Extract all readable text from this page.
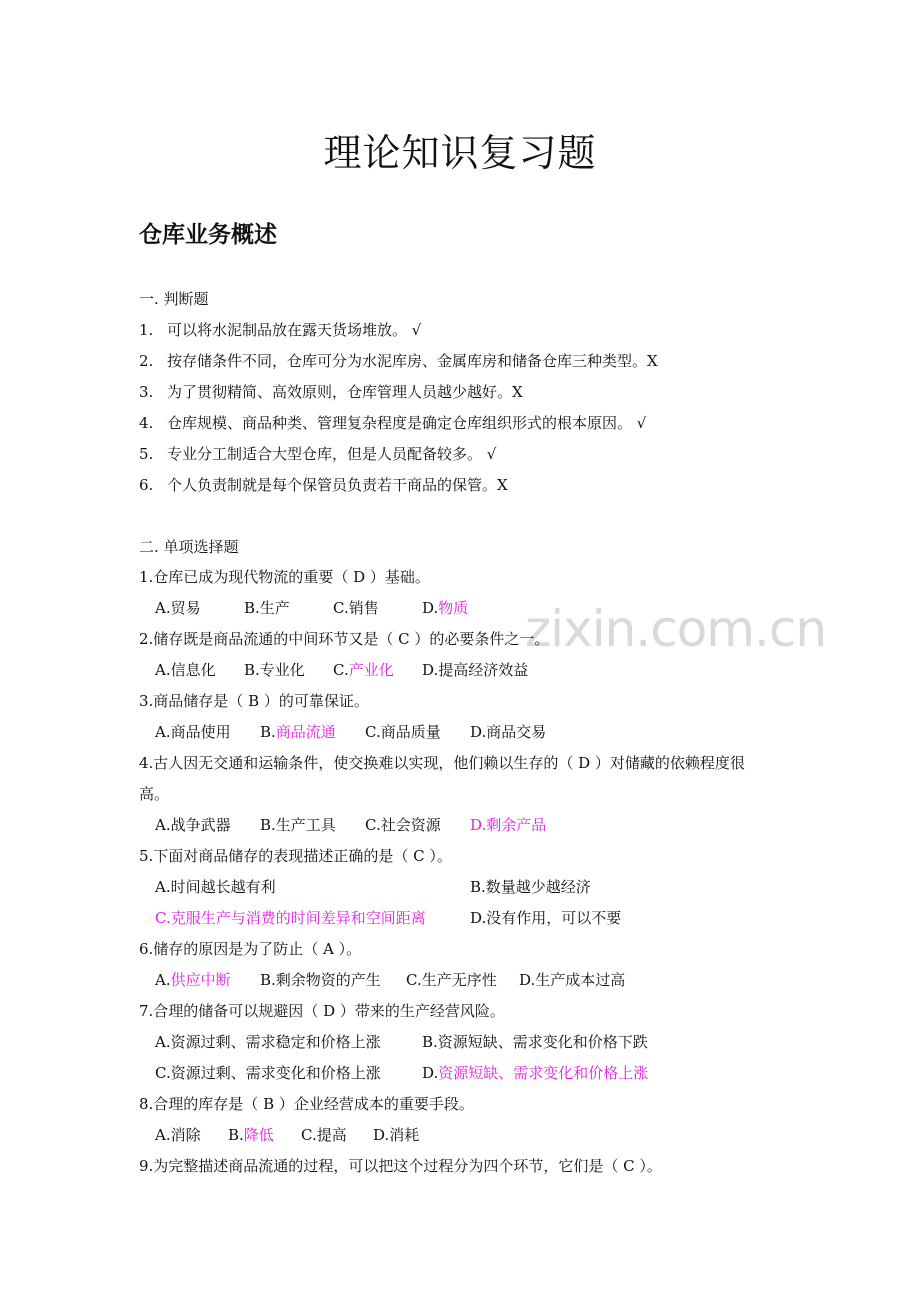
zixin.com.cn
理论知识复习题
仓库业务概述
一. 判断题
1. 可以将水泥制品放在露天货场堆放。 √
2. 按存储条件不同，仓库可分为水泥库房、金属库房和储备仓库三种类型。X
3. 为了贯彻精简、高效原则，仓库管理人员越少越好。X
4. 仓库规模、商品种类、管理复杂程度是确定仓库组织形式的根本原因。 √
5. 专业分工制适合大型仓库，但是人员配备较多。 √
6. 个人负责制就是每个保管员负责若干商品的保管。X
二. 单项选择题
1.仓库已成为现代物流的重要（ D ）基础。
A.贸易	B.生产	C.销售	D.物质
2.储存既是商品流通的中间环节又是（ C ）的必要条件之一。
A.信息化 B.专业化 C.产业化 D.提高经济效益
3.商品储存是（ B ）的可靠保证。
A.商品使用 B.商品流通 C.商品质量 D.商品交易
4.古人因无交通和运输条件，使交换难以实现，他们赖以生存的（ D ）对储藏的依赖程度很
高。
A.战争武器 B.生产工具 C.社会资源 D.剩余产品
5.下面对商品储存的表现描述正确的是（ C ）。
A.时间越长越有利	B.数量越少越经济
C.克服生产与消费的时间差异和空间距离	D.没有作用，可以不要
6.储存的原因是为了防止（ A ）。
A.供应中断 B.剩余物资的产生 C.生产无序性 D.生产成本过高
7.合理的储备可以规避因（ D ）带来的生产经营风险。
A.资源过剩、需求稳定和价格上涨	B.资源短缺、需求变化和价格下跌
C.资源过剩、需求变化和价格上涨	D.资源短缺、需求变化和价格上涨
8.合理的库存是（ B ）企业经营成本的重要手段。
A.消除 B.降低 C.提高 D.消耗
9.为完整描述商品流通的过程，可以把这个过程分为四个环节，它们是（ C ）。
